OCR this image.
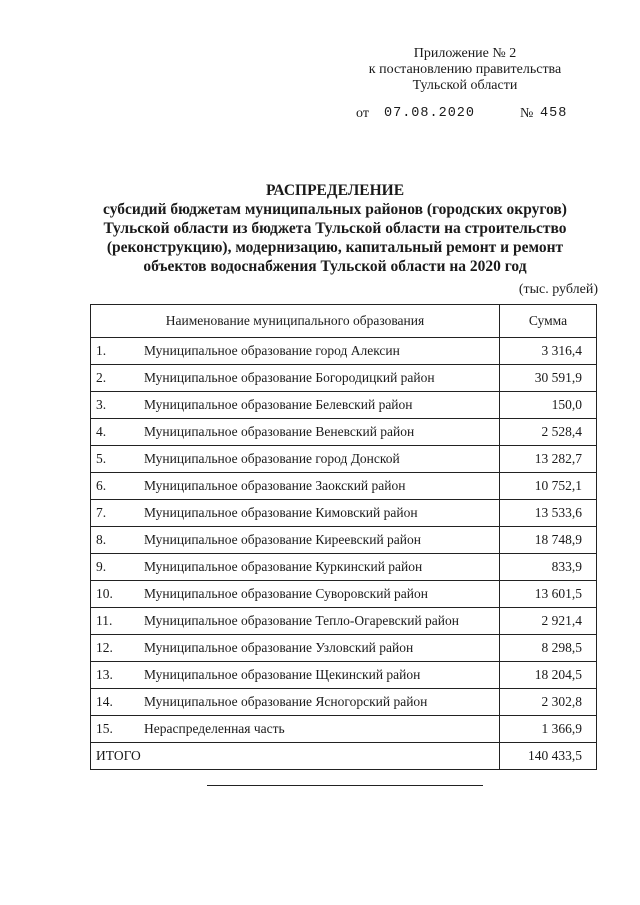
Приложение № 2
к постановлению правительства
Тульской области
от 07.08.2020	№ 458
РАСПРЕДЕЛЕНИЕ
субсидий бюджетам муниципальных районов (городских округов)
Тульской области из бюджета Тульской области на строительство
(реконструкцию), модернизацию, капитальный ремонт и ремонт
объектов водоснабжения Тульской области на 2020 год
(тыс. рублей)
Наименование муниципального образования		Сумма
1.	Муниципальное образование город Алексин	3 316,4
2.	Муниципальное образование Богородицкий район	30 591,9
3.	Муниципальное образование Белевский район	150,0
4.	Муниципальное образование Веневский район	2 528,4
5.	Муниципальное образование город Донской	13 282,7
6.	Муниципальное образование Заокский район	10 752,1
7.	Муниципальное образование Кимовский район	13 533,6
8.	Муниципальное образование Киреевский район	18 748,9
9.	Муниципальное образование Куркинский район	833,9
10.	Муниципальное образование Суворовский район	13 601,5
11.	Муниципальное образование Тепло-Огаревский район	2 921,4
12.	Муниципальное образование Узловский район	8 298,5
13.	Муниципальное образование Щекинский район	18 204,5
14.	Муниципальное образование Ясногорский район	2 302,8
15.	Нераспределенная часть	1 366,9
ИТОГО		140 433,5
